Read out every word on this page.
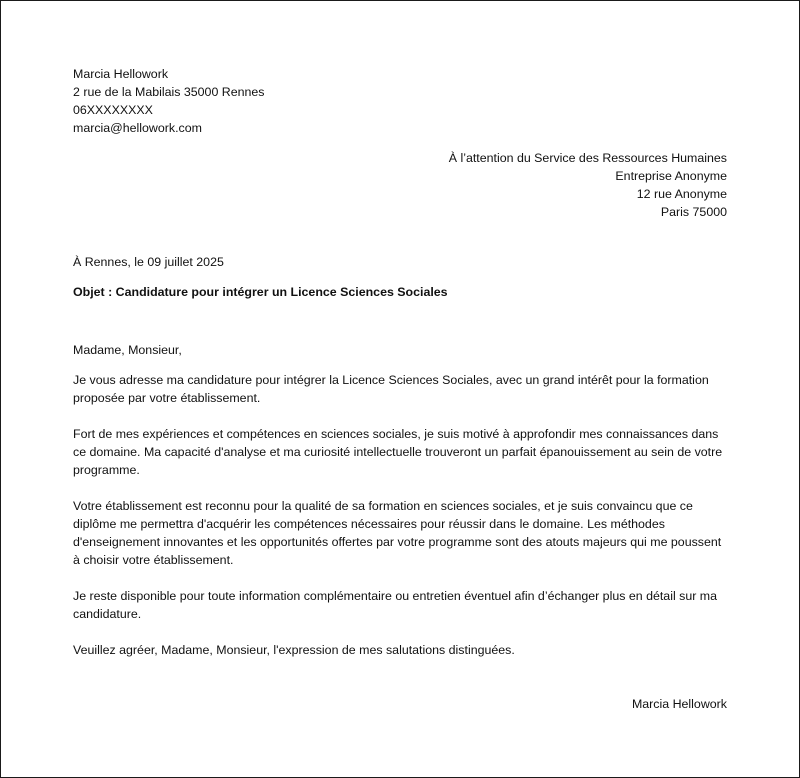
Marcia Hellowork
2 rue de la Mabilais 35000 Rennes
06XXXXXXXX
marcia@hellowork.com
À l’attention du Service des Ressources Humaines
Entreprise Anonyme
12 rue Anonyme
Paris 75000
À Rennes, le 09 juillet 2025
Objet : Candidature pour intégrer un Licence Sciences Sociales
Madame, Monsieur,

Je vous adresse ma candidature pour intégrer la Licence Sciences Sociales, avec un grand intérêt pour la formation proposée par votre établissement.

Fort de mes expériences et compétences en sciences sociales, je suis motivé à approfondir mes connaissances dans ce domaine. Ma capacité d'analyse et ma curiosité intellectuelle trouveront un parfait épanouissement au sein de votre programme.

Votre établissement est reconnu pour la qualité de sa formation en sciences sociales, et je suis convaincu que ce diplôme me permettra d'acquérir les compétences nécessaires pour réussir dans le domaine. Les méthodes d'enseignement innovantes et les opportunités offertes par votre programme sont des atouts majeurs qui me poussent à choisir votre établissement.

Je reste disponible pour toute information complémentaire ou entretien éventuel afin d’échanger plus en détail sur ma candidature.

Veuillez agréer, Madame, Monsieur, l'expression de mes salutations distinguées.

Marcia Hellowork
